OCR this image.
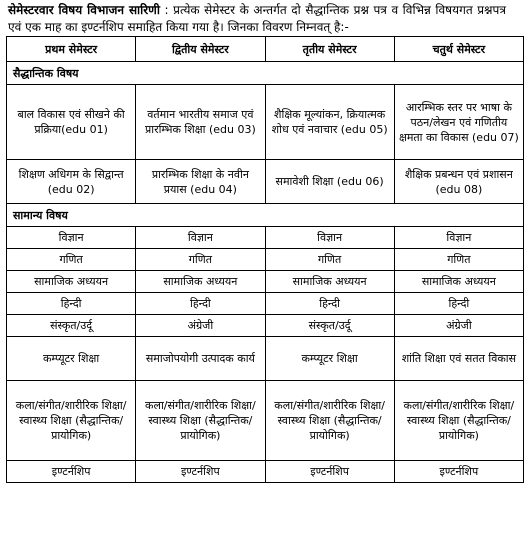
सेमेस्टरवार विषय विभाजन सारिणी : प्रत्येक सेमेस्टर के अन्तर्गत दो सैद्धान्तिक प्रश्न पत्र व विभिन्न विषयगत प्रश्नपत्र एवं एक माह का इण्टर्नशिप समाहित किया गया है। जिनका विवरण निम्नवत् है:-
प्रथम सेमेस्टर	द्वितीय सेमेस्टर	तृतीय सेमेस्टर	चतुर्थ सेमेस्टर
सैद्धान्तिक विषय			
बाल विकास एवं सीखने की प्रक्रिया(edu 01)	वर्तमान भारतीय समाज एवं प्रारम्भिक शिक्षा (edu 03)	शैक्षिक मूल्यांकन, क्रियात्मक शोध एवं नवाचार (edu 05)	आरम्भिक स्तर पर भाषा के पठन/लेखन एवं गणितीय क्षमता का विकास (edu 07)
शिक्षण अधिगम के सिद्वान्त (edu 02)	प्रारम्भिक शिक्षा के नवीन प्रयास (edu 04)	समावेशी शिक्षा (edu 06)	शैक्षिक प्रबन्धन एवं प्रशासन (edu 08)
सामान्य विषय			
विज्ञान	विज्ञान	विज्ञान	विज्ञान
गणित	गणित	गणित	गणित
सामाजिक अध्ययन	सामाजिक अध्ययन	सामाजिक अध्ययन	सामाजिक अध्ययन
हिन्दी	हिन्दी	हिन्दी	हिन्दी
संस्कृत/उर्दू	अंग्रेजी	संस्कृत/उर्दू	अंग्रेजी
कम्प्यूटर शिक्षा	समाजोपयोगी उत्पादक कार्य	कम्प्यूटर शिक्षा	शांति शिक्षा एवं सतत विकास
कला/संगीत/शारीरिक शिक्षा/स्वास्थ्य शिक्षा (सैद्धान्तिक/प्रायोगिक)	कला/संगीत/शारीरिक शिक्षा/स्वास्थ्य शिक्षा (सैद्धान्तिक/प्रायोगिक)	कला/संगीत/शारीरिक शिक्षा/स्वास्थ्य शिक्षा (सैद्धान्तिक/प्रायोगिक)	कला/संगीत/शारीरिक शिक्षा/स्वास्थ्य शिक्षा (सैद्धान्तिक/प्रायोगिक)
इण्टर्नशिप	इण्टर्नशिप	इण्टर्नशिप	इण्टर्नशिप
